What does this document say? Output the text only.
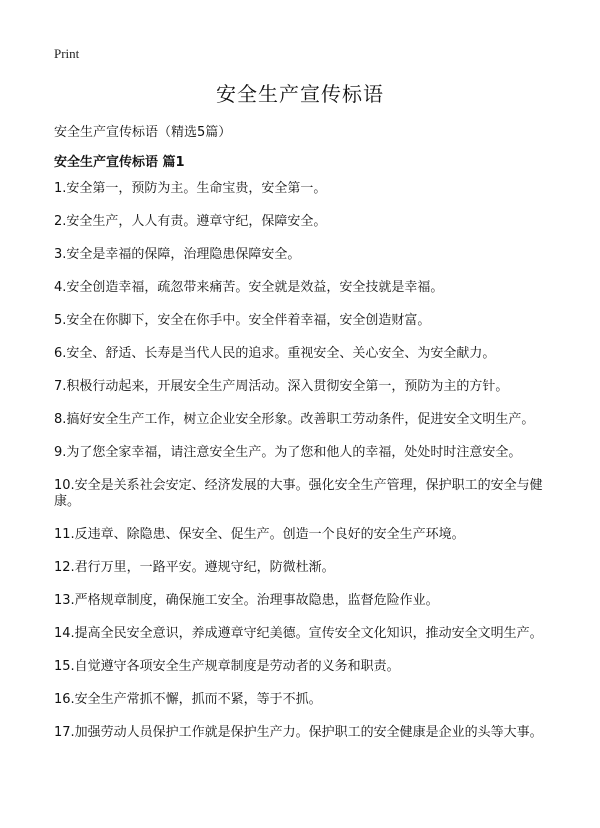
Print
安全生产宣传标语
安全生产宣传标语（精选5篇）
安全生产宣传标语 篇1
1.安全第一，预防为主。生命宝贵，安全第一。
2.安全生产，人人有责。遵章守纪，保障安全。
3.安全是幸福的保障，治理隐患保障安全。
4.安全创造幸福，疏忽带来痛苦。安全就是效益，安全技就是幸福。
5.安全在你脚下，安全在你手中。安全伴着幸福，安全创造财富。
6.安全、舒适、长寿是当代人民的追求。重视安全、关心安全、为安全献力。
7.积极行动起来，开展安全生产周活动。深入贯彻安全第一，预防为主的方针。
8.搞好安全生产工作，树立企业安全形象。改善职工劳动条件，促进安全文明生产。
9.为了您全家幸福，请注意安全生产。为了您和他人的幸福，处处时时注意安全。
10.安全是关系社会安定、经济发展的大事。强化安全生产管理，保护职工的安全与健康。
11.反违章、除隐患、保安全、促生产。创造一个良好的安全生产环境。
12.君行万里，一路平安。遵规守纪，防微杜渐。
13.严格规章制度，确保施工安全。治理事故隐患，监督危险作业。
14.提高全民安全意识，养成遵章守纪美德。宣传安全文化知识，推动安全文明生产。
15.自觉遵守各项安全生产规章制度是劳动者的义务和职责。
16.安全生产常抓不懈，抓而不紧，等于不抓。
17.加强劳动人员保护工作就是保护生产力。保护职工的安全健康是企业的头等大事。
